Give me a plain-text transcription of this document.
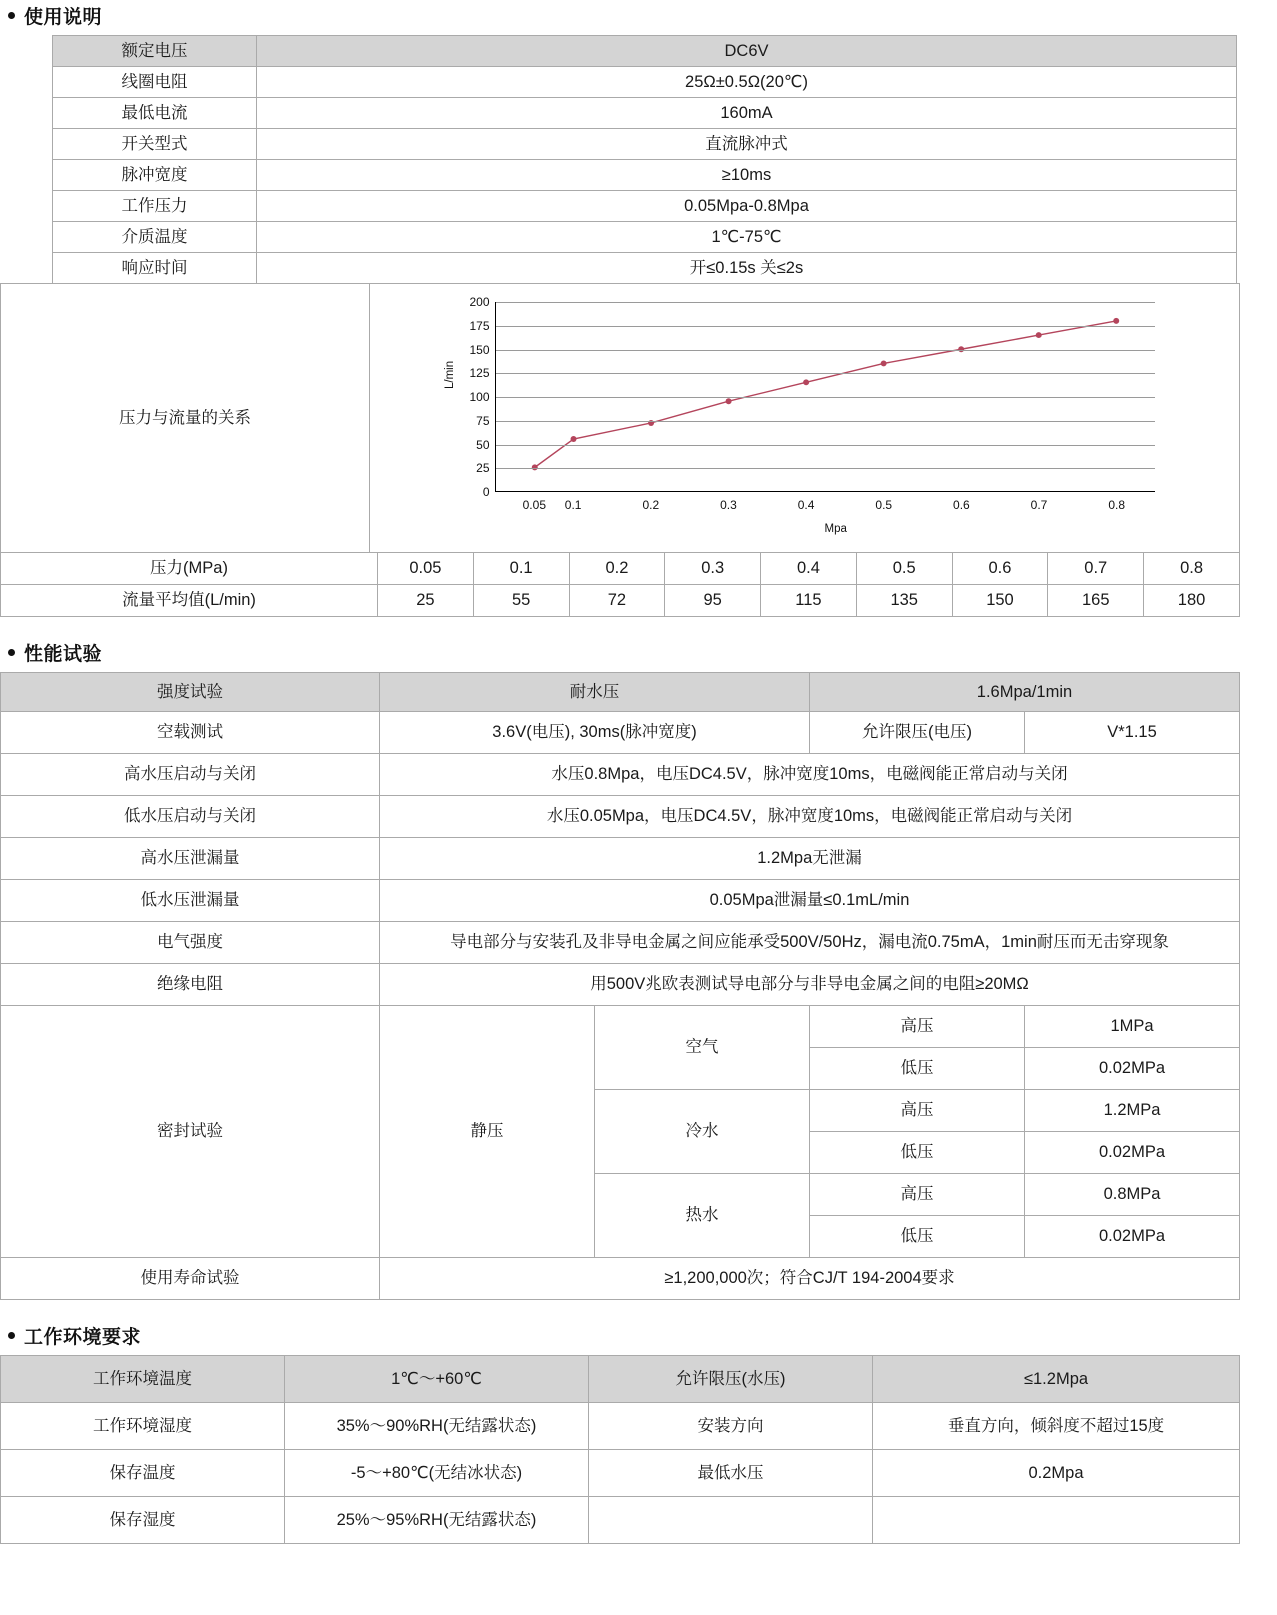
使用说明
额定电压	DC6V
线圈电阻	25Ω±0.5Ω(20℃)
最低电流	160mA
开关型式	直流脉冲式
脉冲宽度	≥10ms
工作压力	0.05Mpa-0.8Mpa
介质温度	1℃-75℃
响应时间	开≤0.15s 关≤2s
压力与流量的关系	
L/min
Mpa
0
25
50
75
100
125
150
175
200
0.05 0.1	0.2	0.3	0.4	0.5	0.6	0.7	0.8
压力(MPa)	0.05	0.1	0.2	0.3	0.4	0.5	0.6	0.7	0.8
流量平均值(L/min)	25	55	72	95	115	135	150	165	180
性能试验
强度试验	耐水压		1.6Mpa/1min	
空载测试	3.6V(电压), 30ms(脉冲宽度)		允许限压(电压)	V*1.15
高水压启动与关闭	水压0.8Mpa，电压DC4.5V，脉冲宽度10ms，电磁阀能正常启动与关闭			
低水压启动与关闭	水压0.05Mpa，电压DC4.5V，脉冲宽度10ms，电磁阀能正常启动与关闭			
高水压泄漏量	1.2Mpa无泄漏			
低水压泄漏量	0.05Mpa泄漏量≤0.1mL/min			
电气强度	导电部分与安装孔及非导电金属之间应能承受500V/50Hz，漏电流0.75mA，1min耐压而无击穿现象			
绝缘电阻	用500V兆欧表测试导电部分与非导电金属之间的电阻≥20MΩ			
密封试验	静压	空气	高压	1MPa
			低压	0.02MPa
		冷水	高压	1.2MPa
			低压	0.02MPa
		热水	高压	0.8MPa
			低压	0.02MPa
使用寿命试验	≥1,200,000次；符合CJ/T 194-2004要求			
工作环境要求
工作环境温度	1℃～+60℃	允许限压(水压)	≤1.2Mpa
工作环境湿度	35%～90%RH(无结露状态)	安装方向	垂直方向，倾斜度不超过15度
保存温度	-5～+80℃(无结冰状态)	最低水压	0.2Mpa
保存湿度	25%～95%RH(无结露状态)		
